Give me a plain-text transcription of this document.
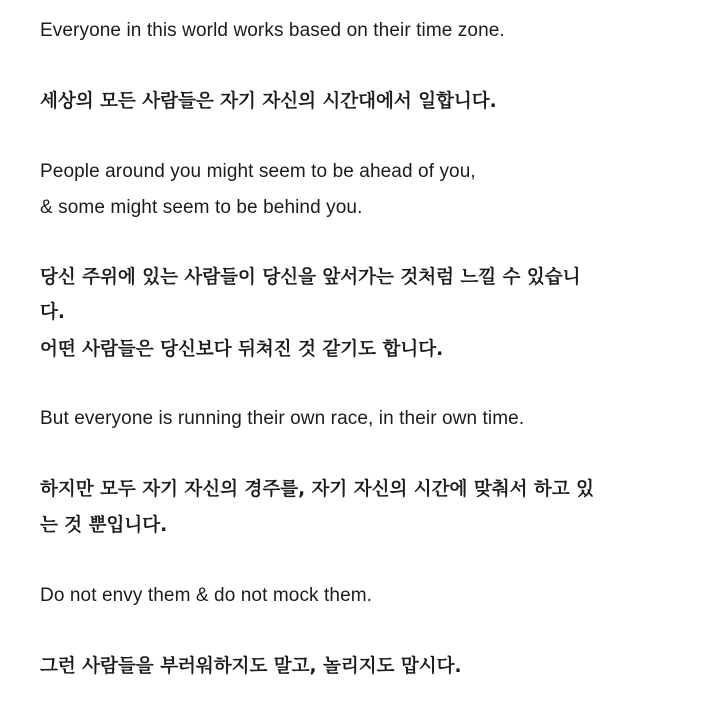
Everyone in this world works based on their time zone.
세상의 모든 사람들은 자기 자신의 시간대에서 일합니다.
People around you might seem to be ahead of you,
& some might seem to be behind you.
당신 주위에 있는 사람들이 당신을 앞서가는 것처럼 느낄 수 있습니
다.
어떤 사람들은 당신보다 뒤쳐진 것 같기도 합니다.
But everyone is running their own race, in their own time.
하지만 모두 자기 자신의 경주를, 자기 자신의 시간에 맞춰서 하고 있
는 것 뿐입니다.
Do not envy them & do not mock them.
그런 사람들을 부러워하지도 말고, 놀리지도 맙시다.
